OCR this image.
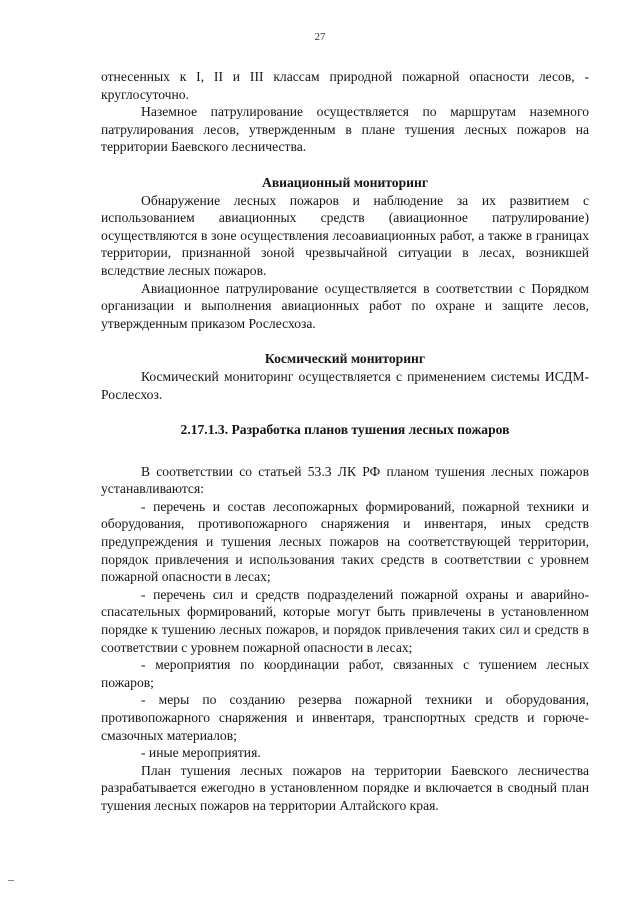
27

отнесенных к I, II и III классам природной пожарной опасности лесов, - круглосуточно.

Наземное патрулирование осуществляется по маршрутам наземного патрулирования лесов, утвержденным в плане тушения лесных пожаров на территории Баевского лесничества.

Авиационный мониторинг

Обнаружение лесных пожаров и наблюдение за их развитием с использованием авиационных средств (авиационное патрулирование) осуществляются в зоне осуществления лесоавиационных работ, а также в границах территории, признанной зоной чрезвычайной ситуации в лесах, возникшей вследствие лесных пожаров.

Авиационное патрулирование осуществляется в соответствии с Порядком организации и выполнения авиационных работ по охране и защите лесов, утвержденным приказом Рослесхоза.

Космический мониторинг

Космический мониторинг осуществляется с применением системы ИСДМ-Рослесхоз.

2.17.1.3. Разработка планов тушения лесных пожаров

В соответствии со статьей 53.3 ЛК РФ планом тушения лесных пожаров устанавливаются:

- перечень и состав лесопожарных формирований, пожарной техники и оборудования, противопожарного снаряжения и инвентаря, иных средств предупреждения и тушения лесных пожаров на соответствующей территории, порядок привлечения и использования таких средств в соответствии с уровнем пожарной опасности в лесах;

- перечень сил и средств подразделений пожарной охраны и аварийно-спасательных формирований, которые могут быть привлечены в установленном порядке к тушению лесных пожаров, и порядок привлечения таких сил и средств в соответствии с уровнем пожарной опасности в лесах;

- мероприятия по координации работ, связанных с тушением лесных пожаров;

- меры по созданию резерва пожарной техники и оборудования, противопожарного снаряжения и инвентаря, транспортных средств и горюче-смазочных материалов;

- иные мероприятия.

План тушения лесных пожаров на территории Баевского лесничества разрабатывается ежегодно в установленном порядке и включается в сводный план тушения лесных пожаров на территории Алтайского края.
